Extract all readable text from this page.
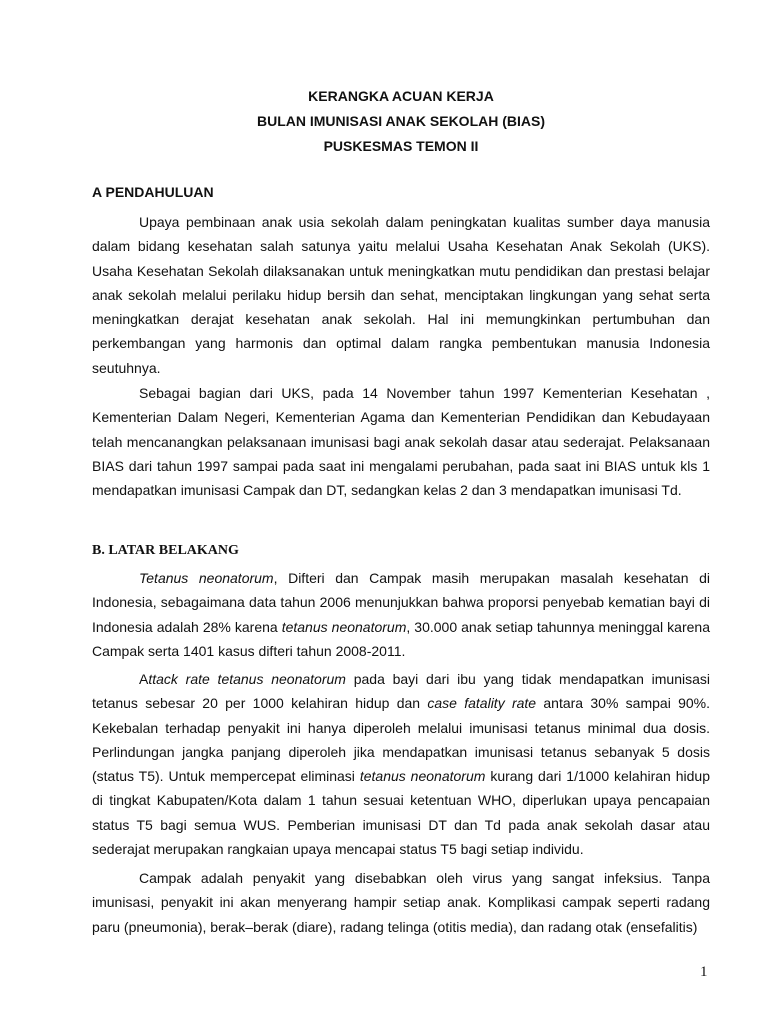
KERANGKA ACUAN KERJA
BULAN IMUNISASI ANAK SEKOLAH (BIAS)
PUSKESMAS TEMON II
A PENDAHULUAN
Upaya pembinaan anak usia sekolah dalam peningkatan kualitas sumber daya manusia dalam bidang kesehatan salah satunya yaitu melalui Usaha Kesehatan Anak Sekolah (UKS). Usaha Kesehatan Sekolah dilaksanakan untuk meningkatkan mutu pendidikan dan prestasi belajar anak sekolah melalui perilaku hidup bersih dan sehat, menciptakan lingkungan yang sehat serta meningkatkan derajat kesehatan anak sekolah. Hal ini memungkinkan pertumbuhan dan perkembangan yang harmonis dan optimal dalam rangka pembentukan manusia Indonesia seutuhnya.
Sebagai bagian dari UKS, pada 14 November tahun 1997 Kementerian Kesehatan , Kementerian Dalam Negeri, Kementerian Agama dan Kementerian Pendidikan dan Kebudayaan telah mencanangkan pelaksanaan imunisasi bagi anak sekolah dasar atau sederajat. Pelaksanaan BIAS dari tahun 1997 sampai pada saat ini mengalami perubahan, pada saat ini BIAS untuk kls 1 mendapatkan imunisasi Campak dan DT, sedangkan kelas 2 dan 3 mendapatkan imunisasi Td.
B. LATAR BELAKANG
Tetanus neonatorum, Difteri dan Campak masih merupakan masalah kesehatan di Indonesia, sebagaimana data tahun 2006 menunjukkan bahwa proporsi penyebab kematian bayi di Indonesia adalah 28% karena tetanus neonatorum, 30.000 anak setiap tahunnya meninggal karena Campak serta 1401 kasus difteri tahun 2008-2011.
Attack rate tetanus neonatorum pada bayi dari ibu yang tidak mendapatkan imunisasi tetanus sebesar 20 per 1000 kelahiran hidup dan case fatality rate antara 30% sampai 90%. Kekebalan terhadap penyakit ini hanya diperoleh melalui imunisasi tetanus minimal dua dosis. Perlindungan jangka panjang diperoleh jika mendapatkan imunisasi tetanus sebanyak 5 dosis (status T5). Untuk mempercepat eliminasi tetanus neonatorum kurang dari 1/1000 kelahiran hidup di tingkat Kabupaten/Kota dalam 1 tahun sesuai ketentuan WHO, diperlukan upaya pencapaian status T5 bagi semua WUS. Pemberian imunisasi DT dan Td pada anak sekolah dasar atau sederajat merupakan rangkaian upaya mencapai status T5 bagi setiap individu.
Campak adalah penyakit yang disebabkan oleh virus yang sangat infeksius. Tanpa imunisasi, penyakit ini akan menyerang hampir setiap anak. Komplikasi campak seperti radang paru (pneumonia), berak–berak (diare), radang telinga (otitis media), dan radang otak (ensefalitis)
1
